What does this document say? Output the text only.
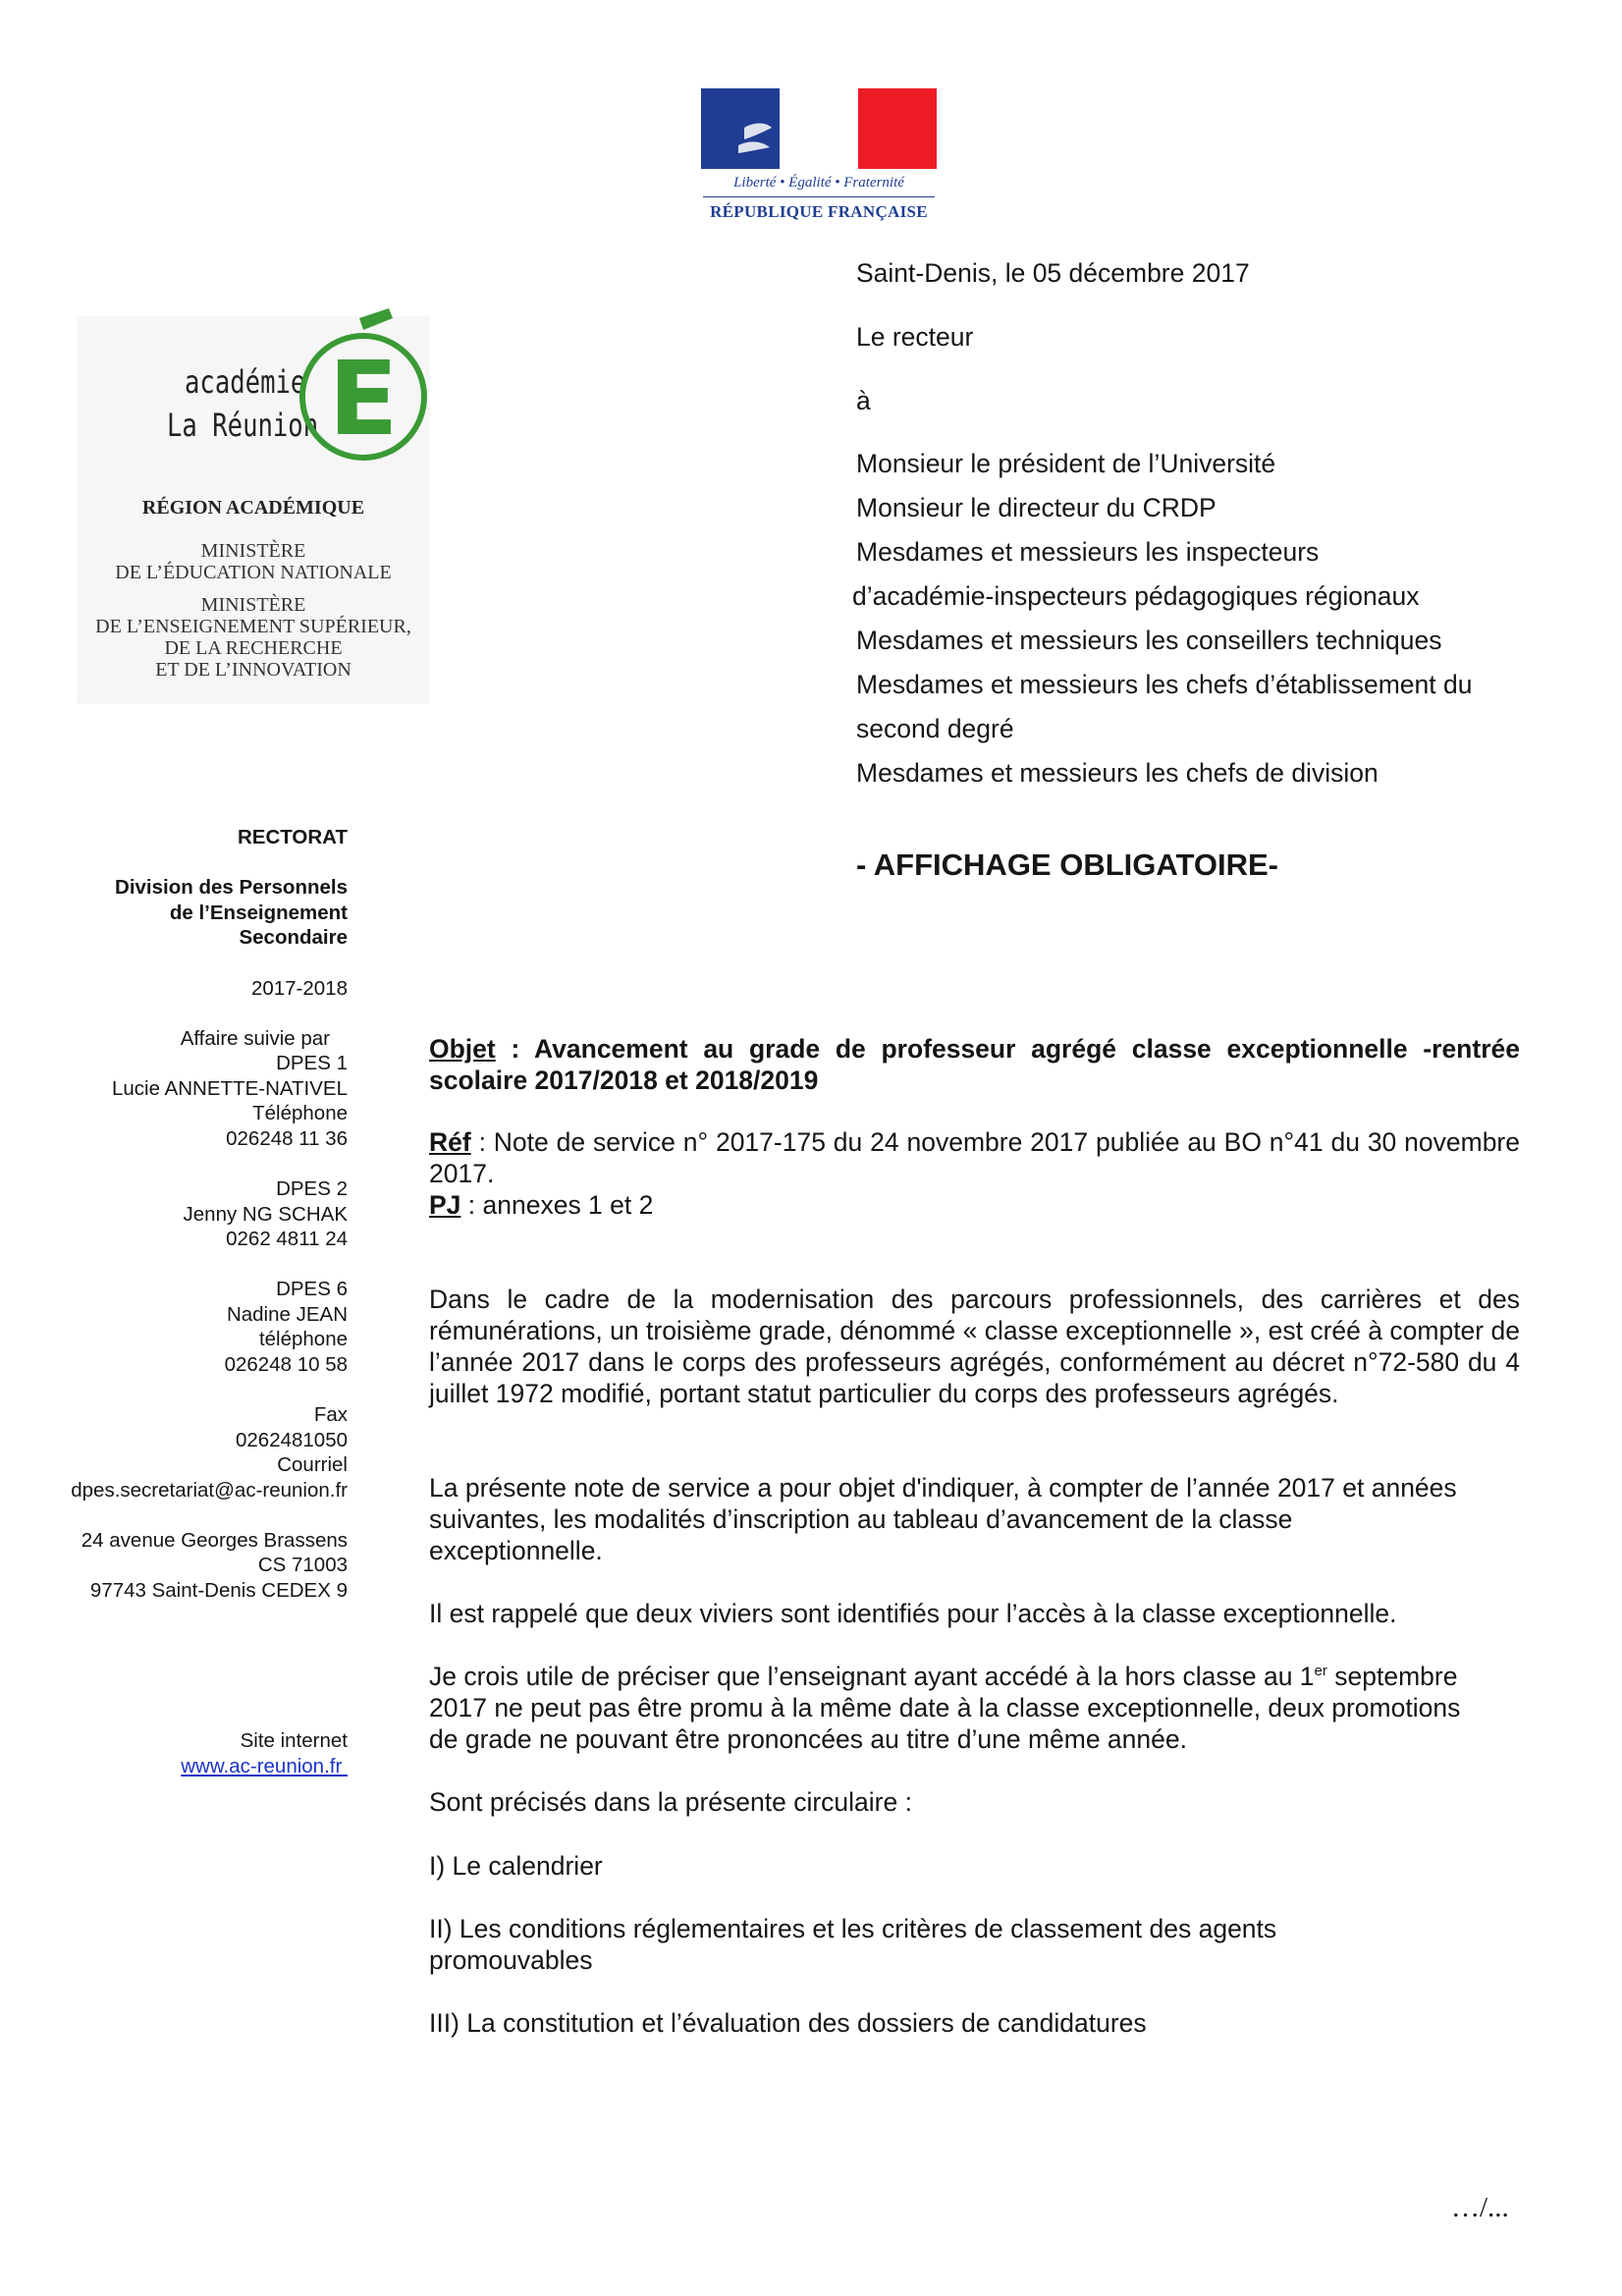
Liberté • Égalité • Fraternité
RÉPUBLIQUE FRANÇAISE
Saint-Denis, le 05 décembre 2017
Le recteur
à
Monsieur le président de l’Université
Monsieur le directeur du CRDP
Mesdames et messieurs les inspecteurs
d’académie-inspecteurs pédagogiques régionaux
Mesdames et messieurs les conseillers techniques
Mesdames et messieurs les chefs d’établissement du
second degré
Mesdames et messieurs les chefs de division
- AFFICHAGE OBLIGATOIRE-
académie
La Réunion E
RÉGION ACADÉMIQUE
MINISTÈRE
DE L’ÉDUCATION NATIONALE
MINISTÈRE
DE L’ENSEIGNEMENT SUPÉRIEUR,
DE LA RECHERCHE
ET DE L’INNOVATION
RECTORAT
Division des Personnels
de l’Enseignement
Secondaire
2017-2018
Affaire suivie par
DPES 1
Lucie ANNETTE-NATIVEL
Téléphone
026248 11 36
DPES 2
Jenny NG SCHAK
0262 4811 24
DPES 6
Nadine JEAN
téléphone
026248 10 58
Fax
0262481050
Courriel
dpes.secretariat@ac-reunion.fr
24 avenue Georges Brassens
CS 71003
97743 Saint-Denis CEDEX 9
Site internet
www.ac-reunion.fr
Objet : Avancement au grade de professeur agrégé classe exceptionnelle -rentrée scolaire 2017/2018 et 2018/2019
Réf : Note de service n° 2017-175 du 24 novembre 2017 publiée au BO n°41 du 30 novembre 2017.
PJ : annexes 1 et 2
Dans le cadre de la modernisation des parcours professionnels, des carrières et des rémunérations, un troisième grade, dénommé « classe exceptionnelle », est créé à compter de l’année 2017 dans le corps des professeurs agrégés, conformément au décret n°72-580 du 4 juillet 1972 modifié, portant statut particulier du corps des professeurs agrégés.
La présente note de service a pour objet d'indiquer, à compter de l’année 2017 et années
suivantes, les modalités d’inscription au tableau d’avancement de la classe
exceptionnelle.
Il est rappelé que deux viviers sont identifiés pour l’accès à la classe exceptionnelle.
Je crois utile de préciser que l’enseignant ayant accédé à la hors classe au 1er septembre
2017 ne peut pas être promu à la même date à la classe exceptionnelle, deux promotions
de grade ne pouvant être prononcées au titre d’une même année.
Sont précisés dans la présente circulaire :
I) Le calendrier
II) Les conditions réglementaires et les critères de classement des agents
promouvables
III) La constitution et l’évaluation des dossiers de candidatures
…/...
